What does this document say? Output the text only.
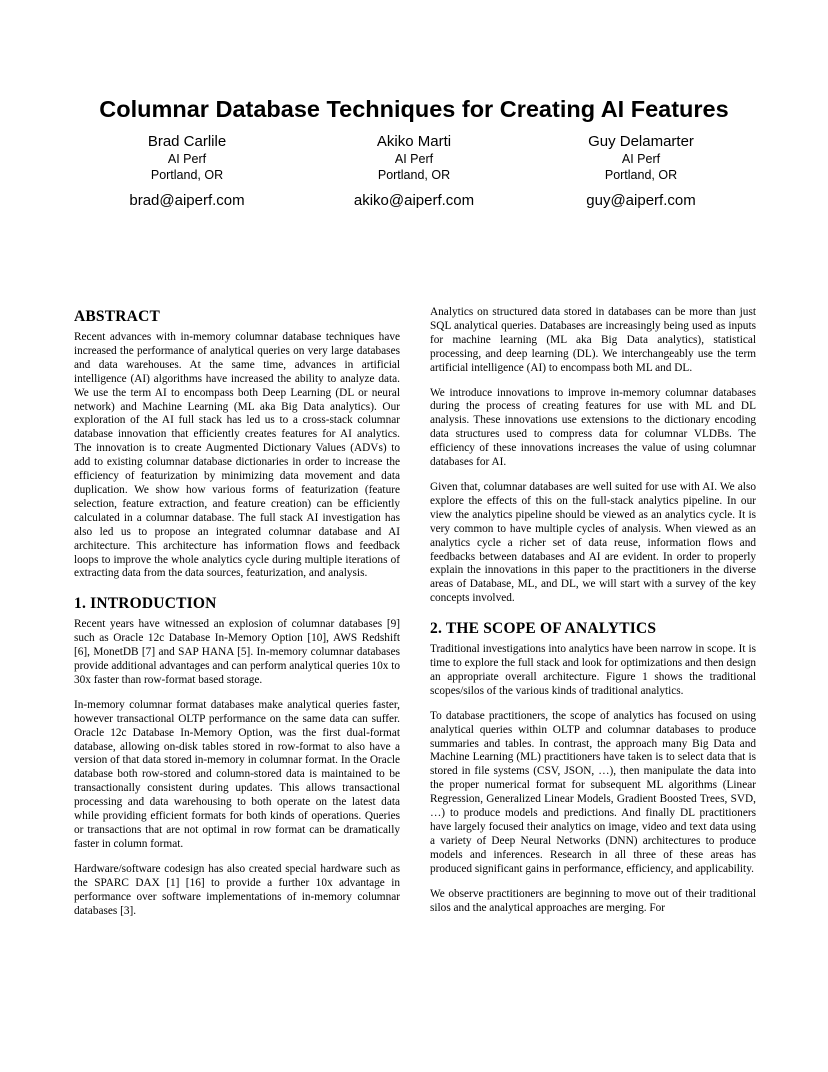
Columnar Database Techniques for Creating AI Features
Brad Carlile
AI Perf
Portland, OR
brad@aiperf.com
Akiko Marti
AI Perf
Portland, OR
akiko@aiperf.com
Guy Delamarter
AI Perf
Portland, OR
guy@aiperf.com
ABSTRACT

Recent advances with in-memory columnar database techniques have increased the performance of analytical queries on very large databases and data warehouses. At the same time, advances in artificial intelligence (AI) algorithms have increased the ability to analyze data. We use the term AI to encompass both Deep Learning (DL or neural network) and Machine Learning (ML aka Big Data analytics). Our exploration of the AI full stack has led us to a cross-stack columnar database innovation that efficiently creates features for AI analytics. The innovation is to create Augmented Dictionary Values (ADVs) to add to existing columnar database dictionaries in order to increase the efficiency of featurization by minimizing data movement and data duplication. We show how various forms of featurization (feature selection, feature extraction, and feature creation) can be efficiently calculated in a columnar database. The full stack AI investigation has also led us to propose an integrated columnar database and AI architecture. This architecture has information flows and feedback loops to improve the whole analytics cycle during multiple iterations of extracting data from the data sources, featurization, and analysis.

1. INTRODUCTION

Recent years have witnessed an explosion of columnar databases [9] such as Oracle 12c Database In-Memory Option [10], AWS Redshift [6], MonetDB [7] and SAP HANA [5]. In-memory columnar databases provide additional advantages and can perform analytical queries 10x to 30x faster than row-format based storage.

In-memory columnar format databases make analytical queries faster, however transactional OLTP performance on the same data can suffer. Oracle 12c Database In-Memory Option, was the first dual-format database, allowing on-disk tables stored in row-format to also have a version of that data stored in-memory in columnar format. In the Oracle database both row-stored and column-stored data is maintained to be transactionally consistent during updates. This allows transactional processing and data warehousing to both operate on the latest data while providing efficient formats for both kinds of operations. Queries or transactions that are not optimal in row format can be dramatically faster in column format.

Hardware/software codesign has also created special hardware such as the SPARC DAX [1] [16] to provide a further 10x advantage in performance over software implementations of in-memory columnar databases [3].

Analytics on structured data stored in databases can be more than just SQL analytical queries. Databases are increasingly being used as inputs for machine learning (ML aka Big Data analytics), statistical processing, and deep learning (DL). We interchangeably use the term artificial intelligence (AI) to encompass both ML and DL.

We introduce innovations to improve in-memory columnar databases during the process of creating features for use with ML and DL analysis. These innovations use extensions to the dictionary encoding data structures used to compress data for columnar VLDBs. The efficiency of these innovations increases the value of using columnar databases for AI.

Given that, columnar databases are well suited for use with AI. We also explore the effects of this on the full-stack analytics pipeline. In our view the analytics pipeline should be viewed as an analytics cycle. It is very common to have multiple cycles of analysis. When viewed as an analytics cycle a richer set of data reuse, information flows and feedbacks between databases and AI are evident. In order to properly explain the innovations in this paper to the practitioners in the diverse areas of Database, ML, and DL, we will start with a survey of the key concepts involved.

2. THE SCOPE OF ANALYTICS

Traditional investigations into analytics have been narrow in scope. It is time to explore the full stack and look for optimizations and then design an appropriate overall architecture. Figure 1 shows the traditional scopes/silos of the various kinds of traditional analytics.

To database practitioners, the scope of analytics has focused on using analytical queries within OLTP and columnar databases to produce summaries and tables. In contrast, the approach many Big Data and Machine Learning (ML) practitioners have taken is to select data that is stored in file systems (CSV, JSON, …), then manipulate the data into the proper numerical format for subsequent ML algorithms (Linear Regression, Generalized Linear Models, Gradient Boosted Trees, SVD, …) to produce models and predictions. And finally DL practitioners have largely focused their analytics on image, video and text data using a variety of Deep Neural Networks (DNN) architectures to produce models and inferences. Research in all three of these areas has produced significant gains in performance, efficiency, and applicability.

We observe practitioners are beginning to move out of their traditional silos and the analytical approaches are merging. For
